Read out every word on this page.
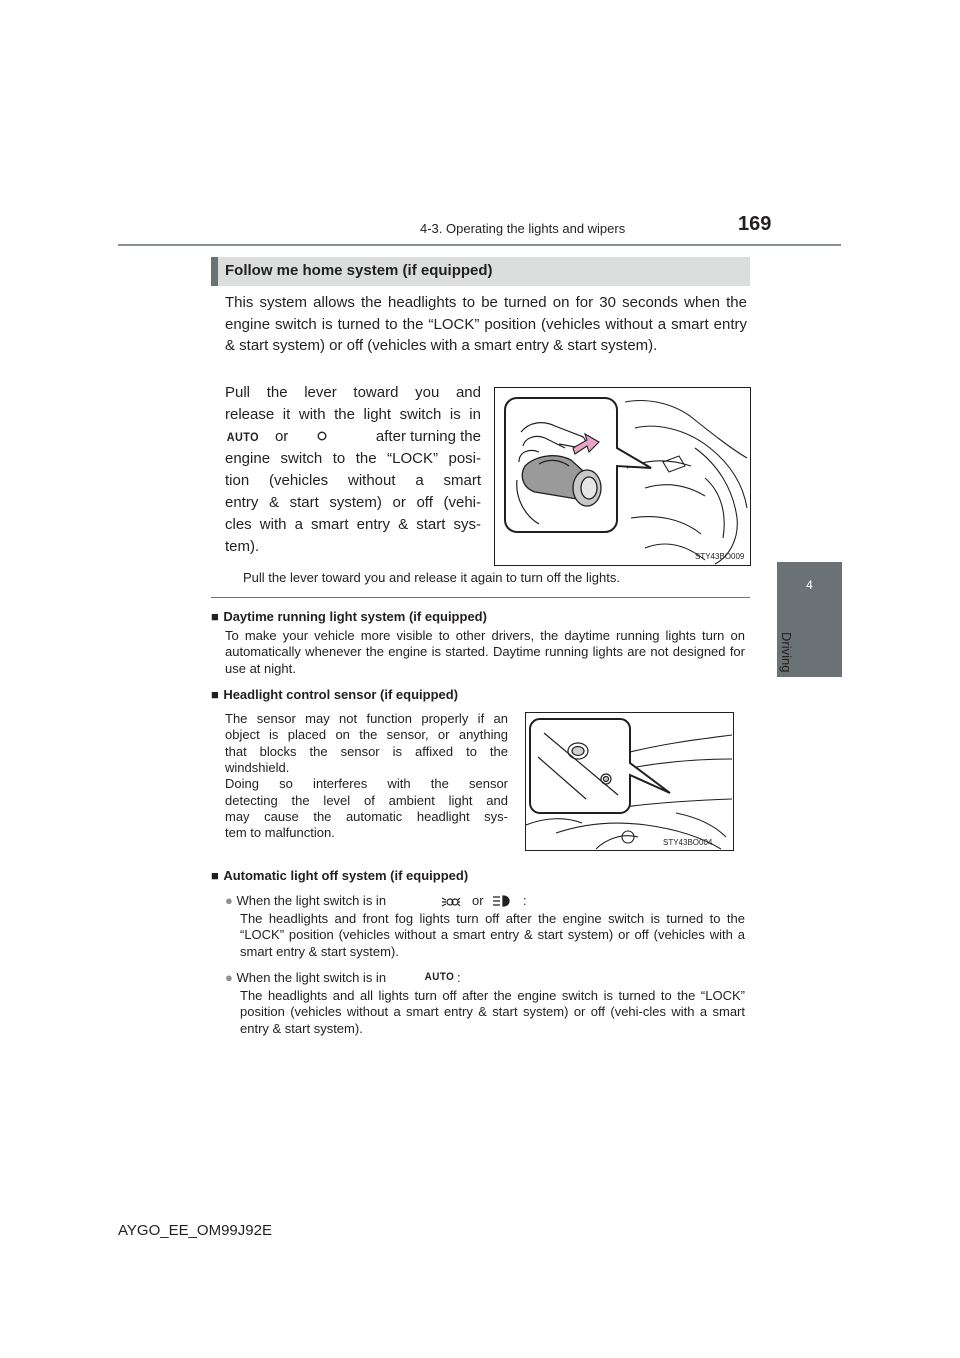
4-3. Operating the lights and wipers	169
4
Driving
Follow me home system (if equipped)
This system allows the headlights to be turned on for 30 seconds when the engine switch is turned to the “LOCK” position (vehicles without a smart entry & start system) or off (vehicles with a smart entry & start system).
Pull the lever toward you and
release it with the light switch is in
AUTO or	after turning the
engine switch to the “LOCK” posi-
tion (vehicles without a smart
entry & start system) or off (vehi-
cles with a smart entry & start sys-
tem).
STY43BO009
Pull the lever toward you and release it again to turn off the lights.
■ Daytime running light system (if equipped)
To make your vehicle more visible to other drivers, the daytime running lights turn on automatically whenever the engine is started. Daytime running lights are not designed for use at night.
■ Headlight control sensor (if equipped)
The sensor may not function properly if an
object is placed on the sensor, or anything
that blocks the sensor is affixed to the
windshield.
Doing so interferes with the sensor
detecting the level of ambient light and
may cause the automatic headlight sys-
tem to malfunction.
STY43BO004
■ Automatic light off system (if equipped)
● When the light switch is in	or	:
The headlights and front fog lights turn off after the engine switch is turned to the “LOCK” position (vehicles without a smart entry & start system) or off (vehicles with a smart entry & start system).
● When the light switch is in	AUTO :
The headlights and all lights turn off after the engine switch is turned to the “LOCK” position (vehicles without a smart entry & start system) or off (vehi-cles with a smart entry & start system).
AYGO_EE_OM99J92E
